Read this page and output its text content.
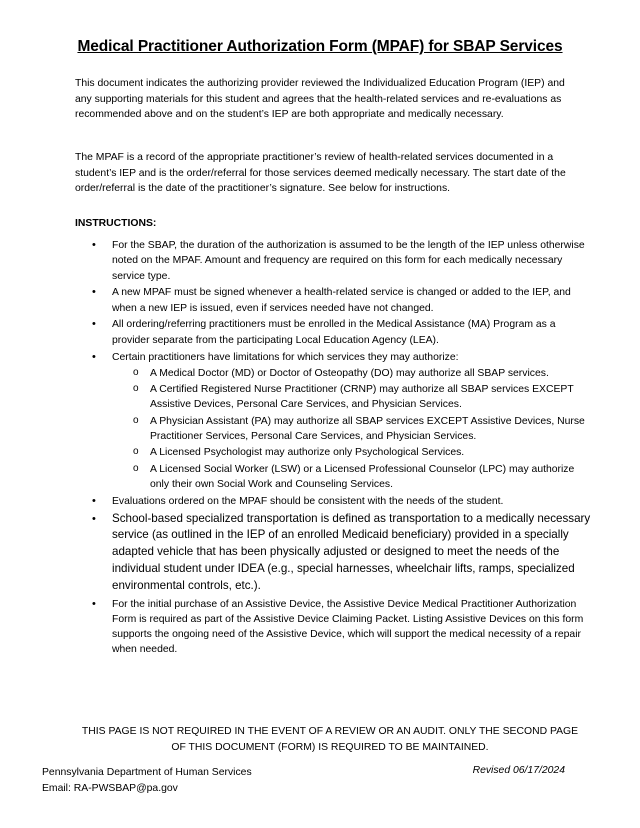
Medical Practitioner Authorization Form (MPAF) for SBAP Services

This document indicates the authorizing provider reviewed the Individualized Education Program (IEP) and any supporting materials for this student and agrees that the health-related services and re-evaluations as recommended above and on the student’s IEP are both appropriate and medically necessary.

The MPAF is a record of the appropriate practitioner’s review of health-related services documented in a student’s IEP and is the order/referral for those services deemed medically necessary. The start date of the order/referral is the date of the practitioner’s signature. See below for instructions.

INSTRUCTIONS:
• For the SBAP, the duration of the authorization is assumed to be the length of the IEP unless otherwise noted on the MPAF. Amount and frequency are required on this form for each medically necessary service type.
• A new MPAF must be signed whenever a health-related service is changed or added to the IEP, and when a new IEP is issued, even if services needed have not changed.
• All ordering/referring practitioners must be enrolled in the Medical Assistance (MA) Program as a provider separate from the participating Local Education Agency (LEA).
• Certain practitioners have limitations for which services they may authorize:
o A Medical Doctor (MD) or Doctor of Osteopathy (DO) may authorize all SBAP services.
o A Certified Registered Nurse Practitioner (CRNP) may authorize all SBAP services EXCEPT Assistive Devices, Personal Care Services, and Physician Services.
o A Physician Assistant (PA) may authorize all SBAP services EXCEPT Assistive Devices, Nurse Practitioner Services, Personal Care Services, and Physician Services.
o A Licensed Psychologist may authorize only Psychological Services.
o A Licensed Social Worker (LSW) or a Licensed Professional Counselor (LPC) may authorize only their own Social Work and Counseling Services.
• Evaluations ordered on the MPAF should be consistent with the needs of the student.
• School-based specialized transportation is defined as transportation to a medically necessary service (as outlined in the IEP of an enrolled Medicaid beneficiary) provided in a specially adapted vehicle that has been physically adjusted or designed to meet the needs of the individual student under IDEA (e.g., special harnesses, wheelchair lifts, ramps, specialized environmental controls, etc.).
• For the initial purchase of an Assistive Device, the Assistive Device Medical Practitioner Authorization Form is required as part of the Assistive Device Claiming Packet. Listing Assistive Devices on this form supports the ongoing need of the Assistive Device, which will support the medical necessity of a repair when needed.
THIS PAGE IS NOT REQUIRED IN THE EVENT OF A REVIEW OR AN AUDIT. ONLY THE SECOND PAGE OF THIS DOCUMENT (FORM) IS REQUIRED TO BE MAINTAINED.
Pennsylvania Department of Human Services
Email: RA-PWSBAP@pa.gov
Revised 06/17/2024
